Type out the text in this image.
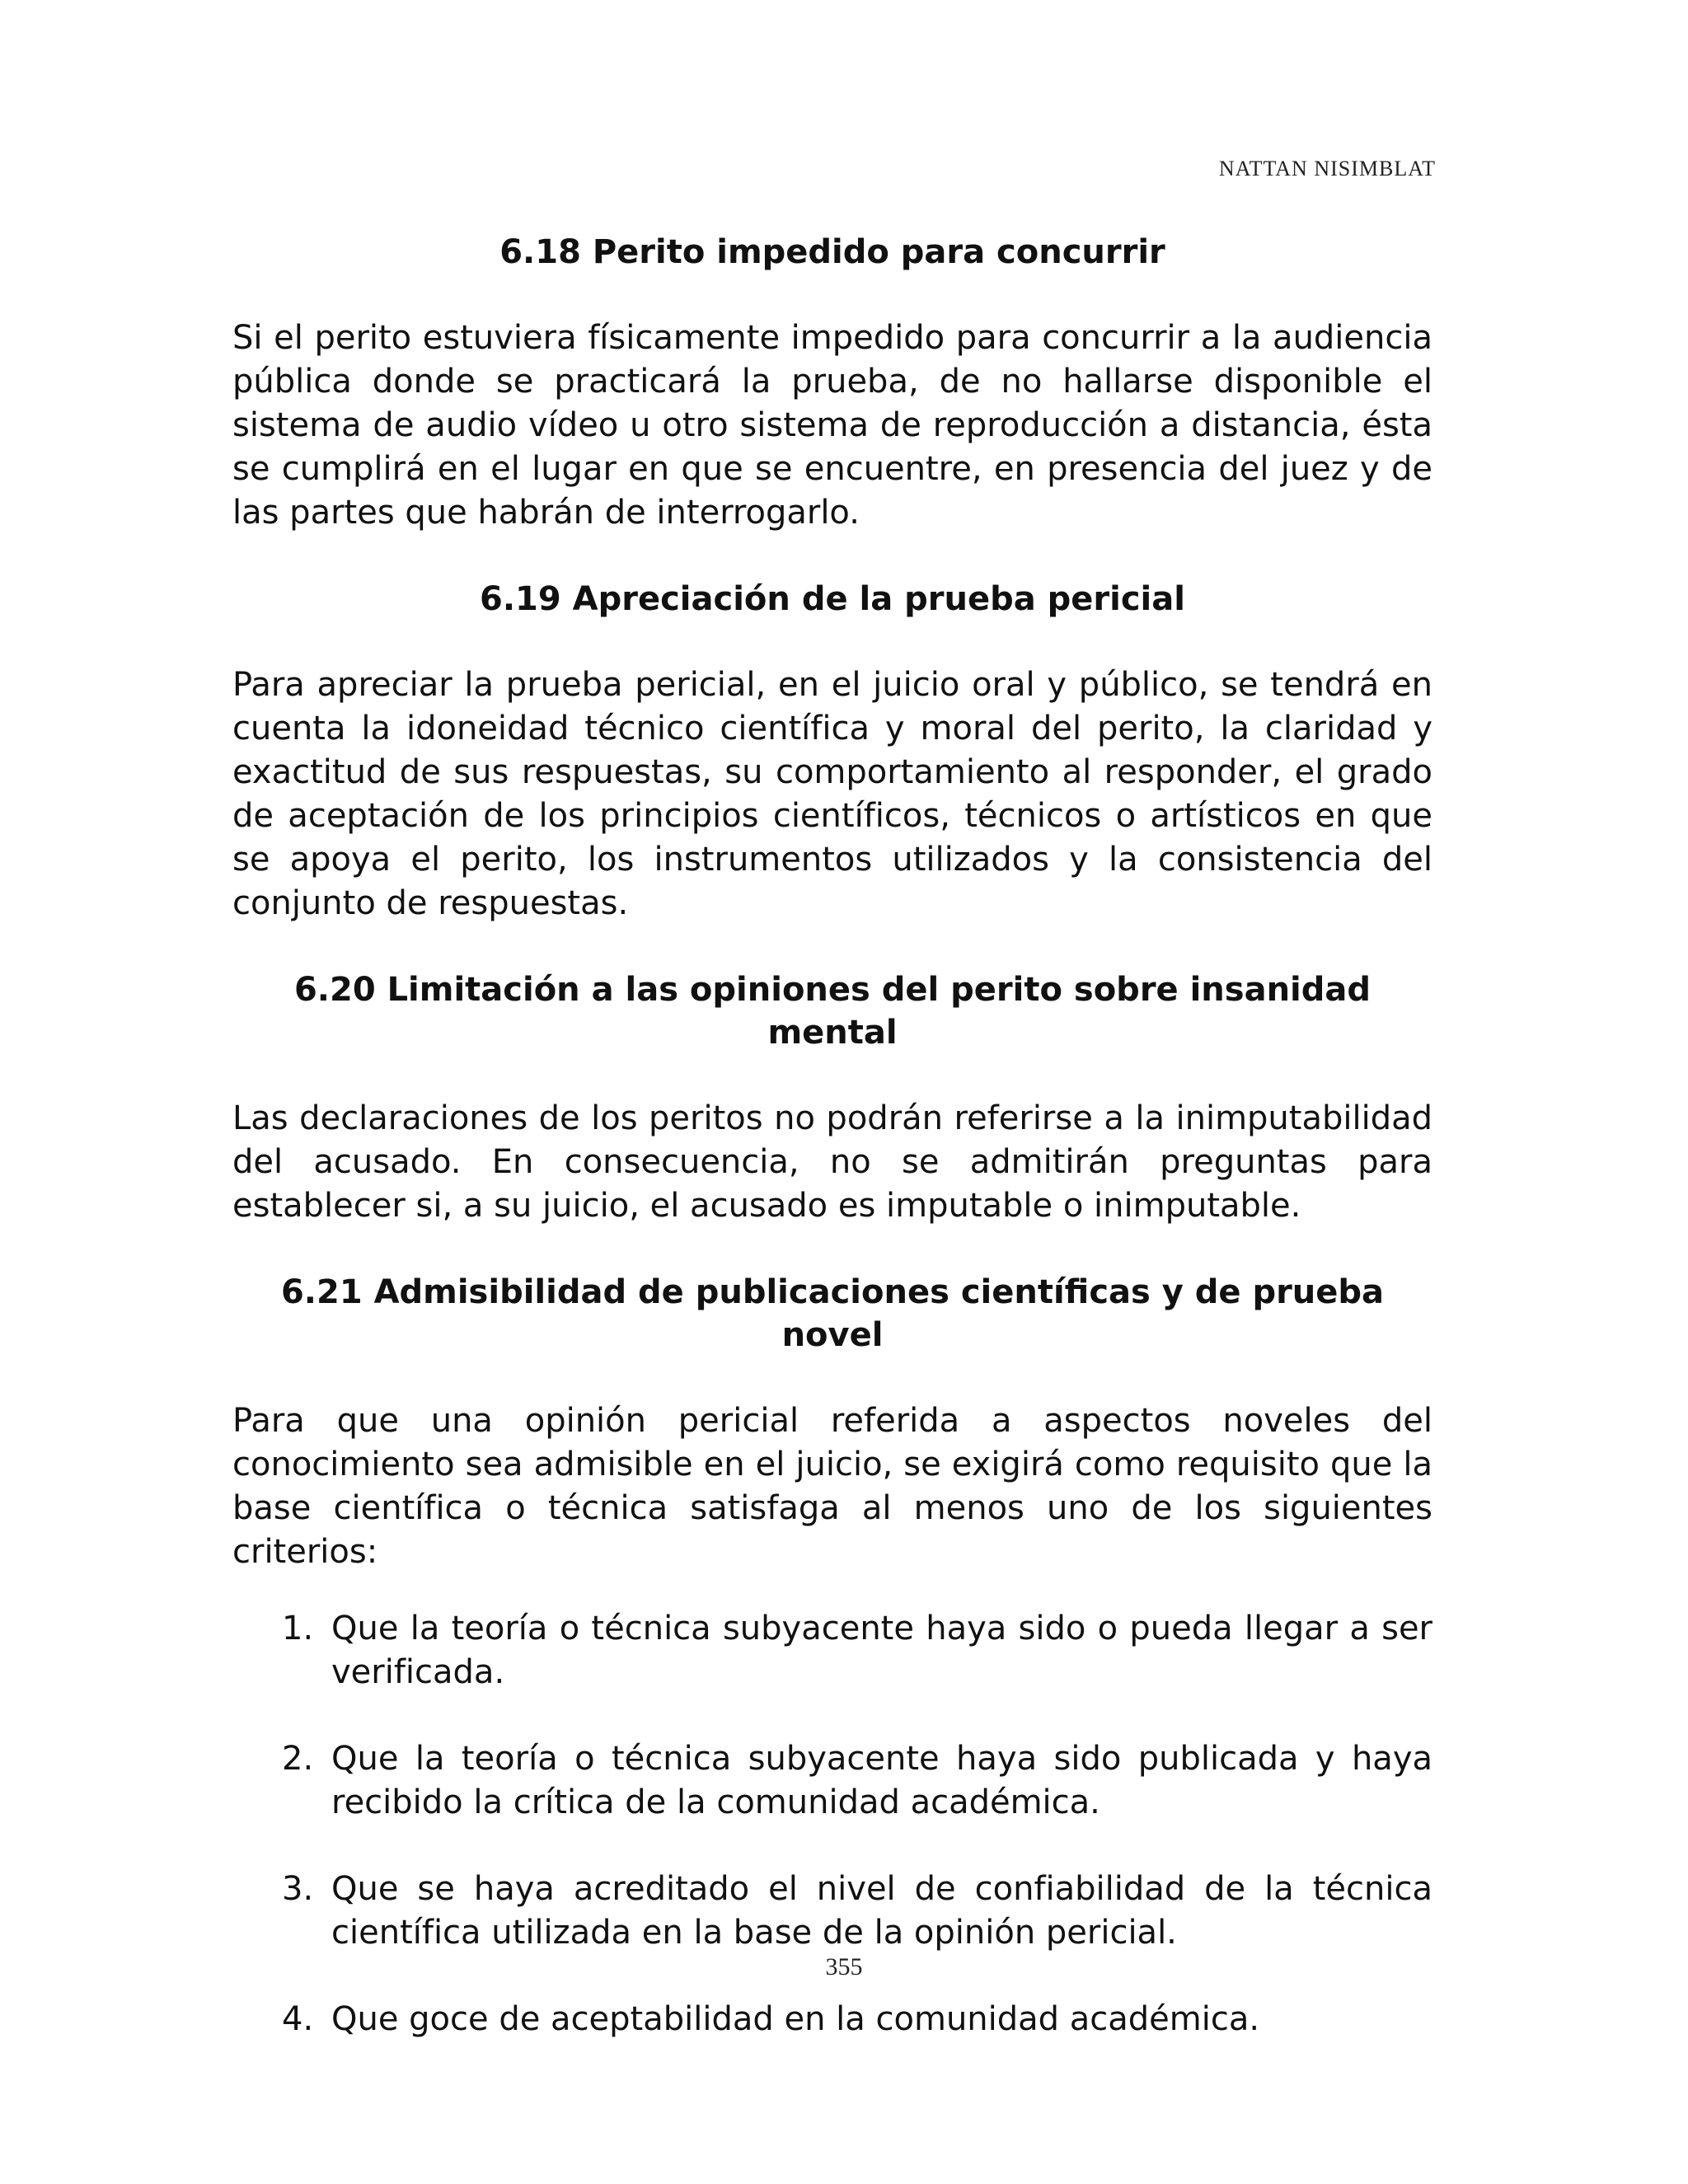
NATTAN NISIMBLAT

6.18 Perito impedido para concurrir

Si el perito estuviera físicamente impedido para concurrir a la audiencia pública donde se practicará la prueba, de no hallarse disponible el sistema de audio vídeo u otro sistema de reproducción a distancia, ésta se cumplirá en el lugar en que se encuentre, en presencia del juez y de las partes que habrán de interrogarlo.

6.19 Apreciación de la prueba pericial

Para apreciar la prueba pericial, en el juicio oral y público, se tendrá en cuenta la idoneidad técnico científica y moral del perito, la claridad y exactitud de sus respuestas, su comportamiento al responder, el grado de aceptación de los principios científicos, técnicos o artísticos en que se apoya el perito, los instrumentos utilizados y la consistencia del conjunto de respuestas.

6.20 Limitación a las opiniones del perito sobre insanidad mental

Las declaraciones de los peritos no podrán referirse a la inimputabilidad del acusado. En consecuencia, no se admitirán preguntas para establecer si, a su juicio, el acusado es imputable o inimputable.

6.21 Admisibilidad de publicaciones científicas y de prueba novel

Para que una opinión pericial referida a aspectos noveles del conocimiento sea admisible en el juicio, se exigirá como requisito que la base científica o técnica satisfaga al menos uno de los siguientes criterios:

1. Que la teoría o técnica subyacente haya sido o pueda llegar a ser verificada.
2. Que la teoría o técnica subyacente haya sido publicada y haya recibido la crítica de la comunidad académica.
3. Que se haya acreditado el nivel de confiabilidad de la técnica científica utilizada en la base de la opinión pericial.
4. Que goce de aceptabilidad en la comunidad académica.

355
